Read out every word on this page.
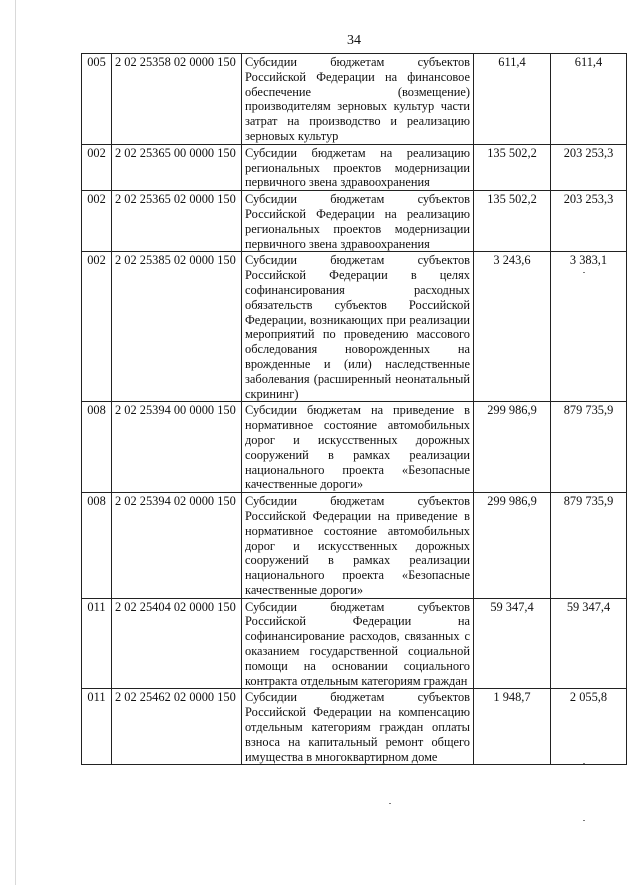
34
005	2 02 25358 02 0000 150	Субсидии бюджетам субъектов Российской Федерации на финансовое обеспечение (возмещение) производителям зерновых культур части затрат на производство и реализацию зерновых культур	611,4	611,4
002	2 02 25365 00 0000 150	Субсидии бюджетам на реализацию региональных проектов модернизации первичного звена здравоохранения	135 502,2	203 253,3
002	2 02 25365 02 0000 150	Субсидии бюджетам субъектов Российской Федерации на реализацию региональных проектов модернизации первичного звена здравоохранения	135 502,2	203 253,3
002	2 02 25385 02 0000 150	Субсидии бюджетам субъектов Российской Федерации в целях софинансирования расходных обязательств субъектов Российской Федерации, возникающих при реализации мероприятий по проведению массового обследования новорожденных на врожденные и (или) наследственные заболевания (расширенный неонатальный скрининг)	3 243,6	3 383,1
008	2 02 25394 00 0000 150	Субсидии бюджетам на приведение в нормативное состояние автомобильных дорог и искусственных дорожных сооружений в рамках реализации национального проекта «Безопасные качественные дороги»	299 986,9	879 735,9
008	2 02 25394 02 0000 150	Субсидии бюджетам субъектов Российской Федерации на приведение в нормативное состояние автомобильных дорог и искусственных дорожных сооружений в рамках реализации национального проекта «Безопасные качественные дороги»	299 986,9	879 735,9
011	2 02 25404 02 0000 150	Субсидии бюджетам субъектов Российской Федерации на софинансирование расходов, связанных с оказанием государственной социальной помощи на основании социального контракта отдельным категориям граждан	59 347,4	59 347,4
011	2 02 25462 02 0000 150	Субсидии бюджетам субъектов Российской Федерации на компенсацию отдельным категориям граждан оплаты взноса на капитальный ремонт общего имущества в многоквартирном доме	1 948,7	2 055,8
